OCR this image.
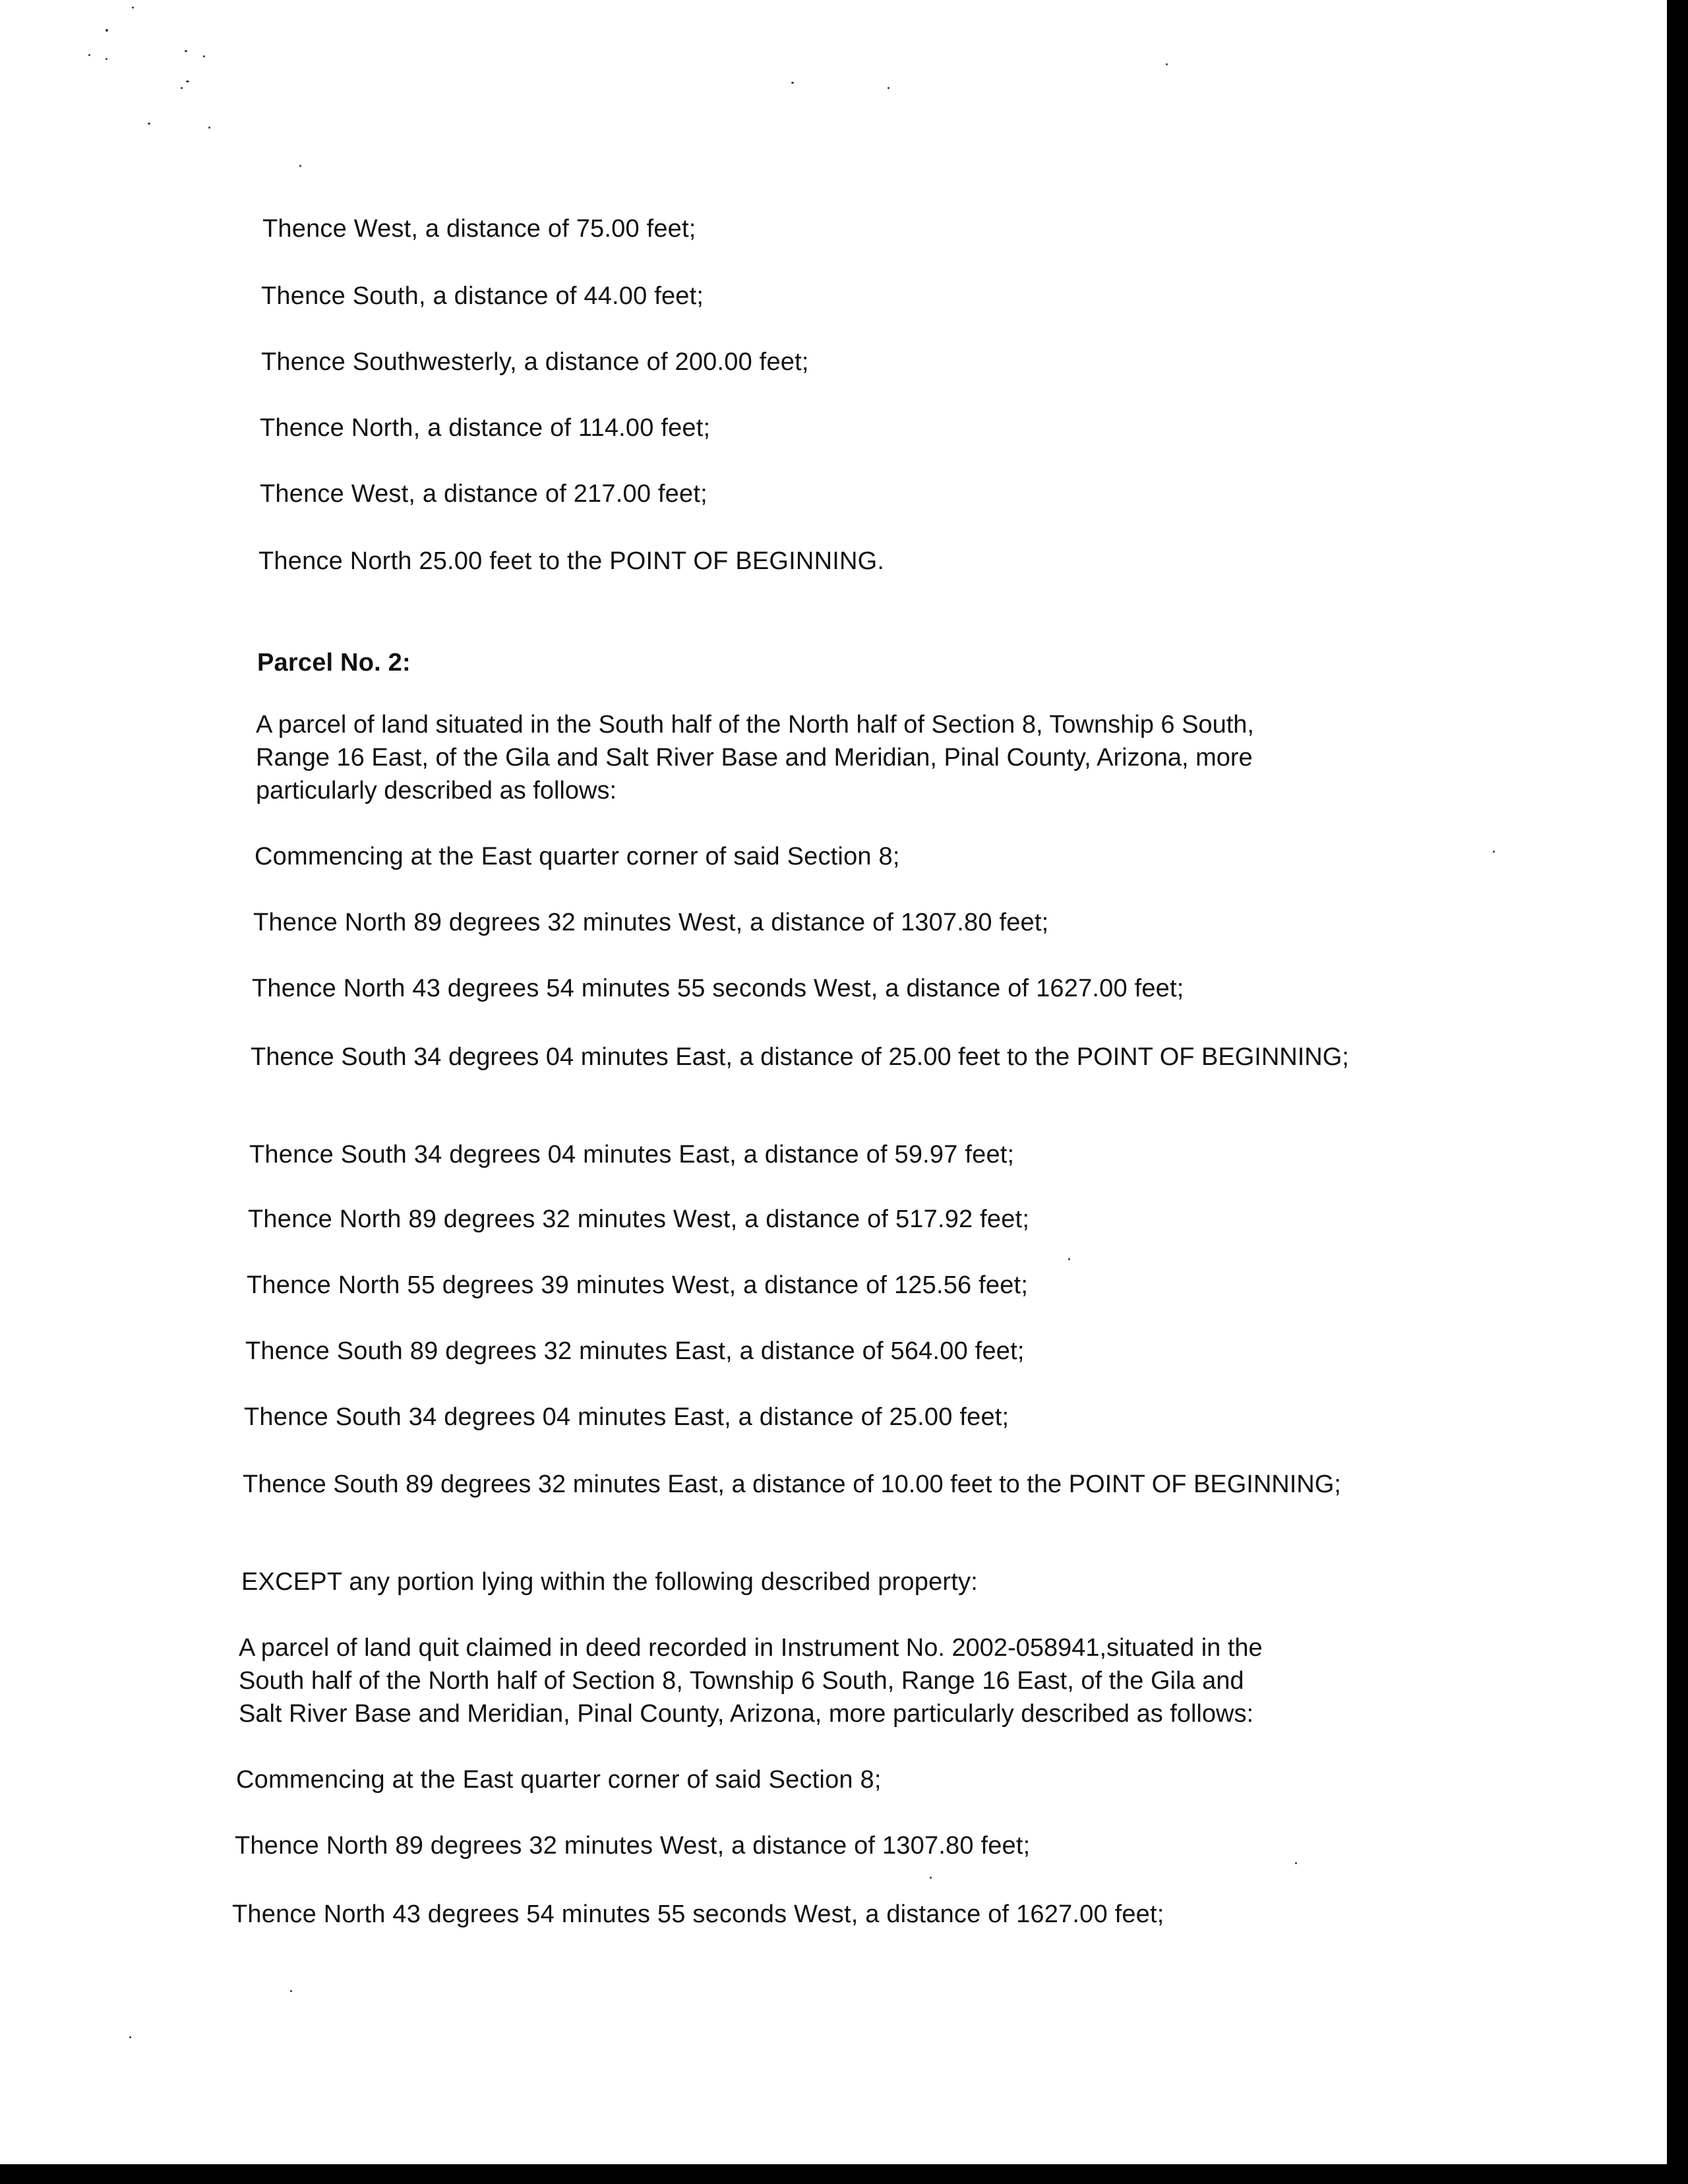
Thence West, a distance of 75.00 feet;
Thence South, a distance of 44.00 feet;
Thence Southwesterly, a distance of 200.00 feet;
Thence North, a distance of 114.00 feet;
Thence West, a distance of 217.00 feet;
Thence North 25.00 feet to the POINT OF BEGINNING.
Parcel No. 2:
A parcel of land situated in the South half of the North half of Section 8, Township 6 South,
Range 16 East, of the Gila and Salt River Base and Meridian, Pinal County, Arizona, more
particularly described as follows:
Commencing at the East quarter corner of said Section 8;
Thence North 89 degrees 32 minutes West, a distance of 1307.80 feet;
Thence North 43 degrees 54 minutes 55 seconds West, a distance of 1627.00 feet;
Thence South 34 degrees 04 minutes East, a distance of 25.00 feet to the POINT OF BEGINNING;
Thence South 34 degrees 04 minutes East, a distance of 59.97 feet;
Thence North 89 degrees 32 minutes West, a distance of 517.92 feet;
Thence North 55 degrees 39 minutes West, a distance of 125.56 feet;
Thence South 89 degrees 32 minutes East, a distance of 564.00 feet;
Thence South 34 degrees 04 minutes East, a distance of 25.00 feet;
Thence South 89 degrees 32 minutes East, a distance of 10.00 feet to the POINT OF BEGINNING;
EXCEPT any portion lying within the following described property:
A parcel of land quit claimed in deed recorded in Instrument No. 2002-058941,situated in the
South half of the North half of Section 8, Township 6 South, Range 16 East, of the Gila and
Salt River Base and Meridian, Pinal County, Arizona, more particularly described as follows:
Commencing at the East quarter corner of said Section 8;
Thence North 89 degrees 32 minutes West, a distance of 1307.80 feet;
Thence North 43 degrees 54 minutes 55 seconds West, a distance of 1627.00 feet;
